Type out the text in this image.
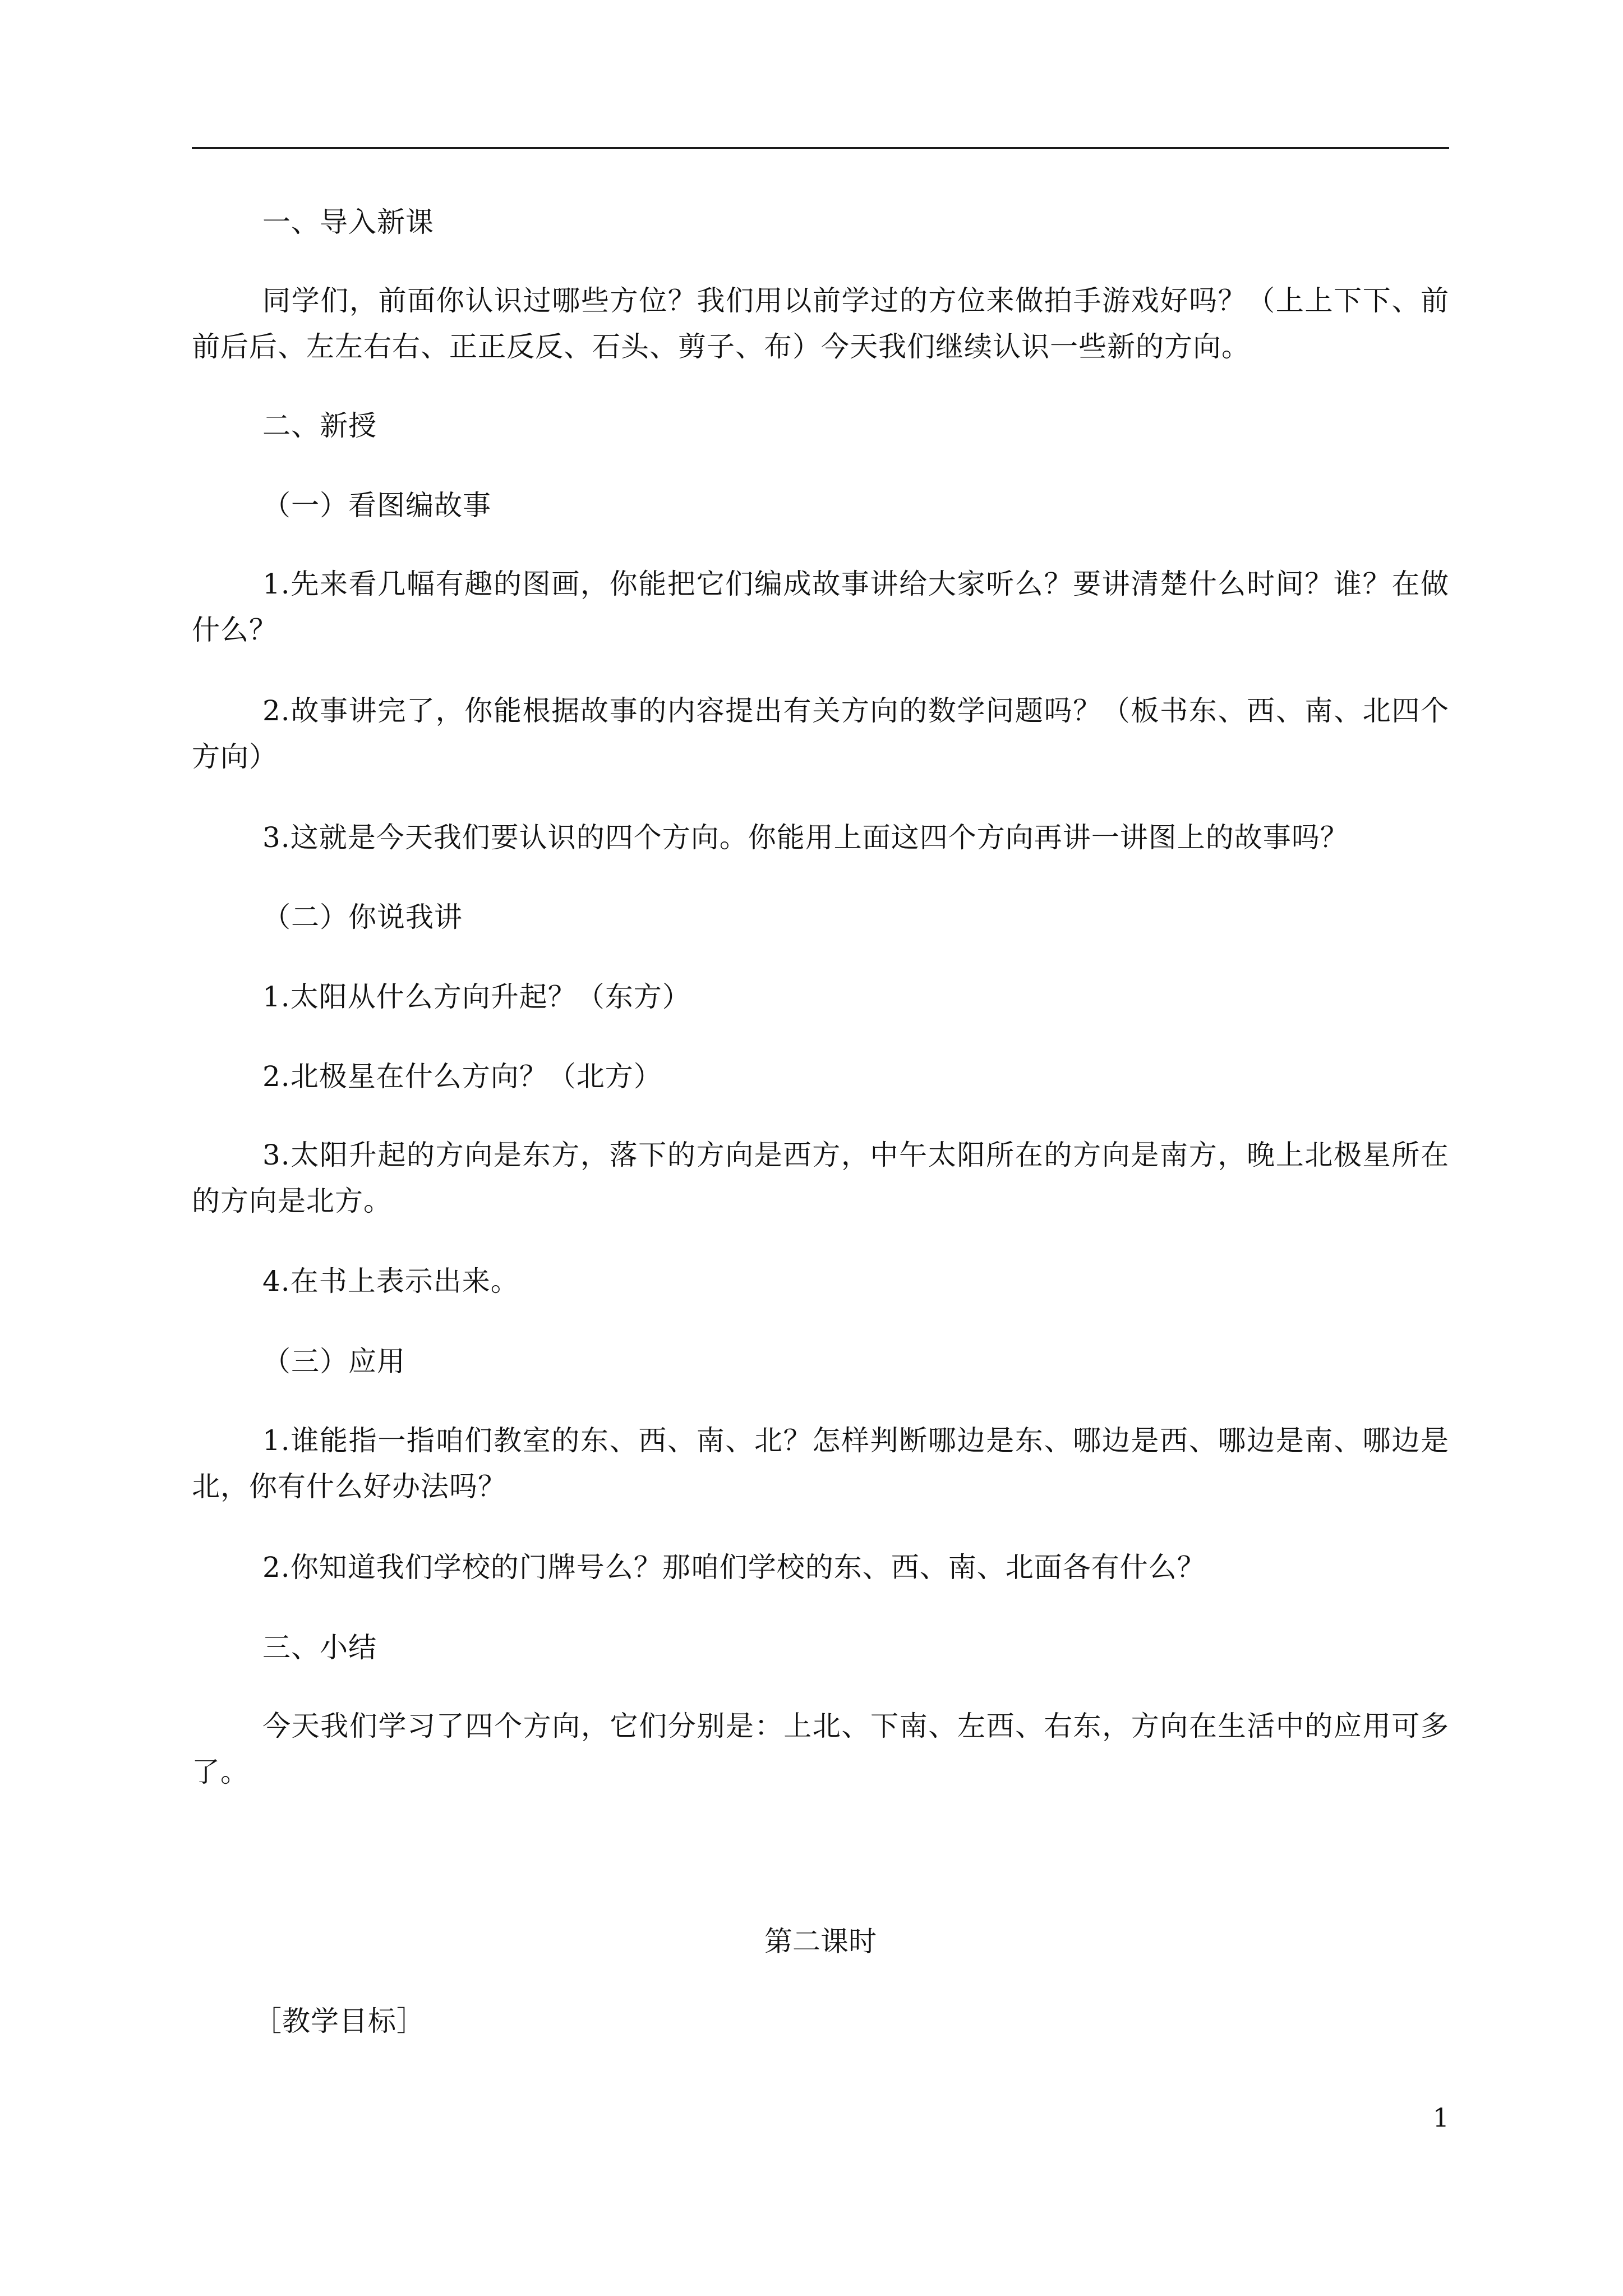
一、导入新课

同学们，前面你认识过哪些方位？我们用以前学过的方位来做拍手游戏好吗？（上上下下、前前后后、左左右右、正正反反、石头、剪子、布）今天我们继续认识一些新的方向。

二、新授

（一）看图编故事

1.先来看几幅有趣的图画，你能把它们编成故事讲给大家听么？要讲清楚什么时间？谁？在做什么？

2.故事讲完了，你能根据故事的内容提出有关方向的数学问题吗？（板书东、西、南、北四个方向）

3.这就是今天我们要认识的四个方向。你能用上面这四个方向再讲一讲图上的故事吗？

（二）你说我讲

1.太阳从什么方向升起？（东方）

2.北极星在什么方向？（北方）

3.太阳升起的方向是东方，落下的方向是西方，中午太阳所在的方向是南方，晚上北极星所在的方向是北方。

4.在书上表示出来。

（三）应用

1.谁能指一指咱们教室的东、西、南、北？怎样判断哪边是东、哪边是西、哪边是南、哪边是北，你有什么好办法吗？

2.你知道我们学校的门牌号么？那咱们学校的东、西、南、北面各有什么？

三、小结

今天我们学习了四个方向，它们分别是：上北、下南、左西、右东，方向在生活中的应用可多了。

第二课时

［教学目标］

1
